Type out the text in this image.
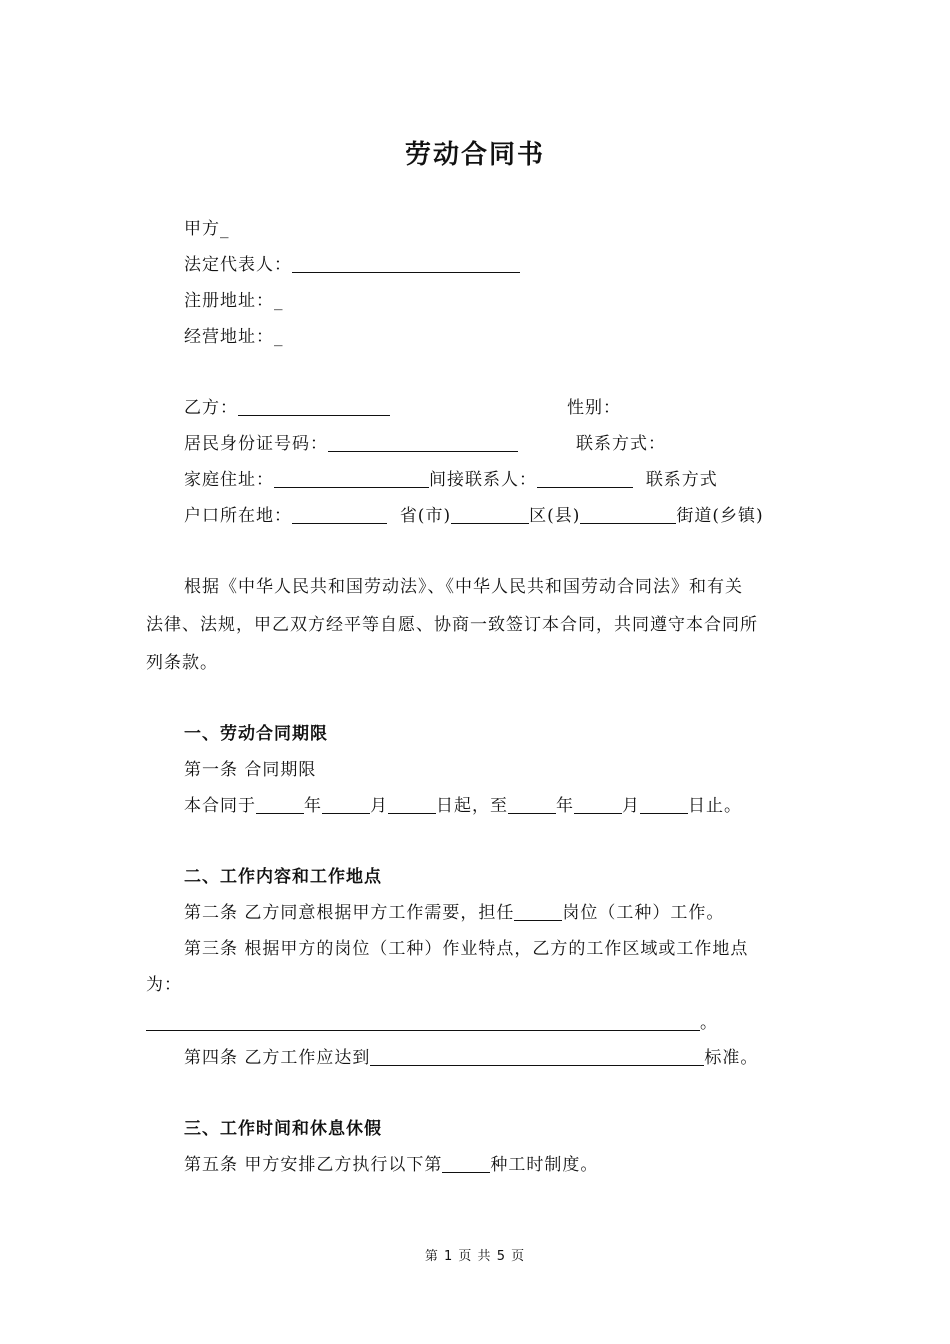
劳动合同书
甲方_
法定代表人：
注册地址：_
经营地址：_
乙方：	性别：
居民身份证号码：	联系方式：
家庭住址：	间接联系人：	联系方式
户口所在地：	省(市)	区(县)	街道(乡镇)
根据《中华人民共和国劳动法》、《中华人民共和国劳动合同法》和有关
法律、法规，甲乙双方经平等自愿、协商一致签订本合同，共同遵守本合同所
列条款。
一、劳动合同期限
第一条 合同期限
本合同于	年	月	日起，至	年	月	日止。
二、工作内容和工作地点
第二条 乙方同意根据甲方工作需要，担任	岗位（工种）工作。
第三条 根据甲方的岗位（工种）作业特点，乙方的工作区域或工作地点
为：
。
第四条 乙方工作应达到	标准。
三、工作时间和休息休假
第五条 甲方安排乙方执行以下第	种工时制度。
第 1 页 共 5 页
